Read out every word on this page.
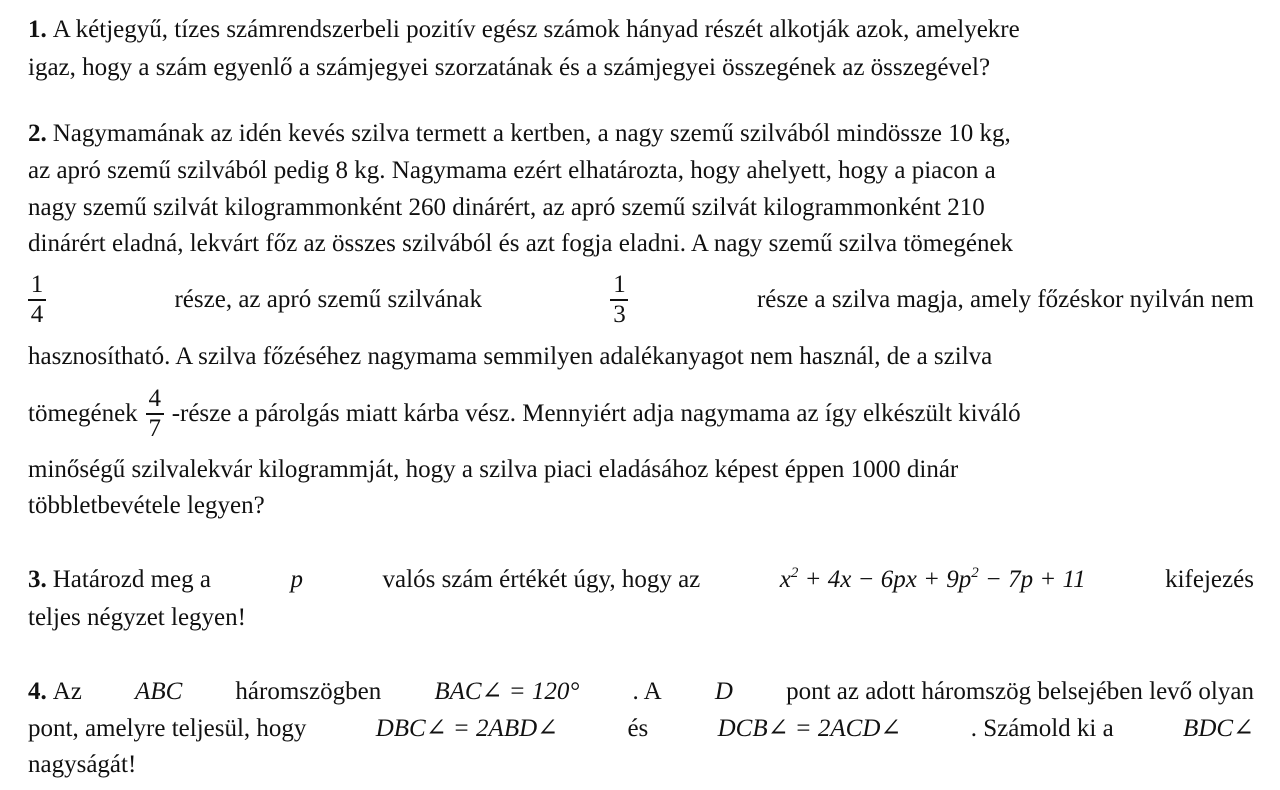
1. A kétjegyű, tízes számrendszerbeli pozitív egész számok hányad részét alkotják azok, amelyekre
igaz, hogy a szám egyenlő a számjegyei szorzatának és a számjegyei összegének az összegével?
2. Nagymamának az idén kevés szilva termett a kertben, a nagy szemű szilvából mindössze 10 kg,
az apró szemű szilvából pedig 8 kg. Nagymama ezért elhatározta, hogy ahelyett, hogy a piacon a
nagy szemű szilvát kilogrammonként 260 dinárért, az apró szemű szilvát kilogrammonként 210
dinárért eladná, lekvárt főz az összes szilvából és azt fogja eladni. A nagy szemű szilva tömegének
$\frac{1}{4}$	része, az apró szemű szilvának	$\frac{1}{3}$	része a szilva magja, amely főzéskor nyilván nem
hasznosítható. A szilva főzéséhez nagymama semmilyen adalékanyagot nem használ, de a szilva
tömegének $\frac{4}{7}$ -része a párolgás miatt kárba vész. Mennyiért adja nagymama az így elkészült kiváló
minőségű szilvalekvár kilogrammját, hogy a szilva piaci eladásához képest éppen 1000 dinár
többletbevétele legyen?
3. Határozd meg a	p	valós szám értékét úgy, hogy az	$x^2 + 4x - 6px + 9p^2 - 7p + 11$	kifejezés
teljes négyzet legyen!
4. Az ABC háromszögben BAC∠ = 120° . A D pont az adott háromszög belsejében levő olyan
pont, amelyre teljesül, hogy	DBC∠ = 2ABD∠	és	DCB∠ = 2ACD∠	. Számold ki a	BDC∠
nagyságát!
